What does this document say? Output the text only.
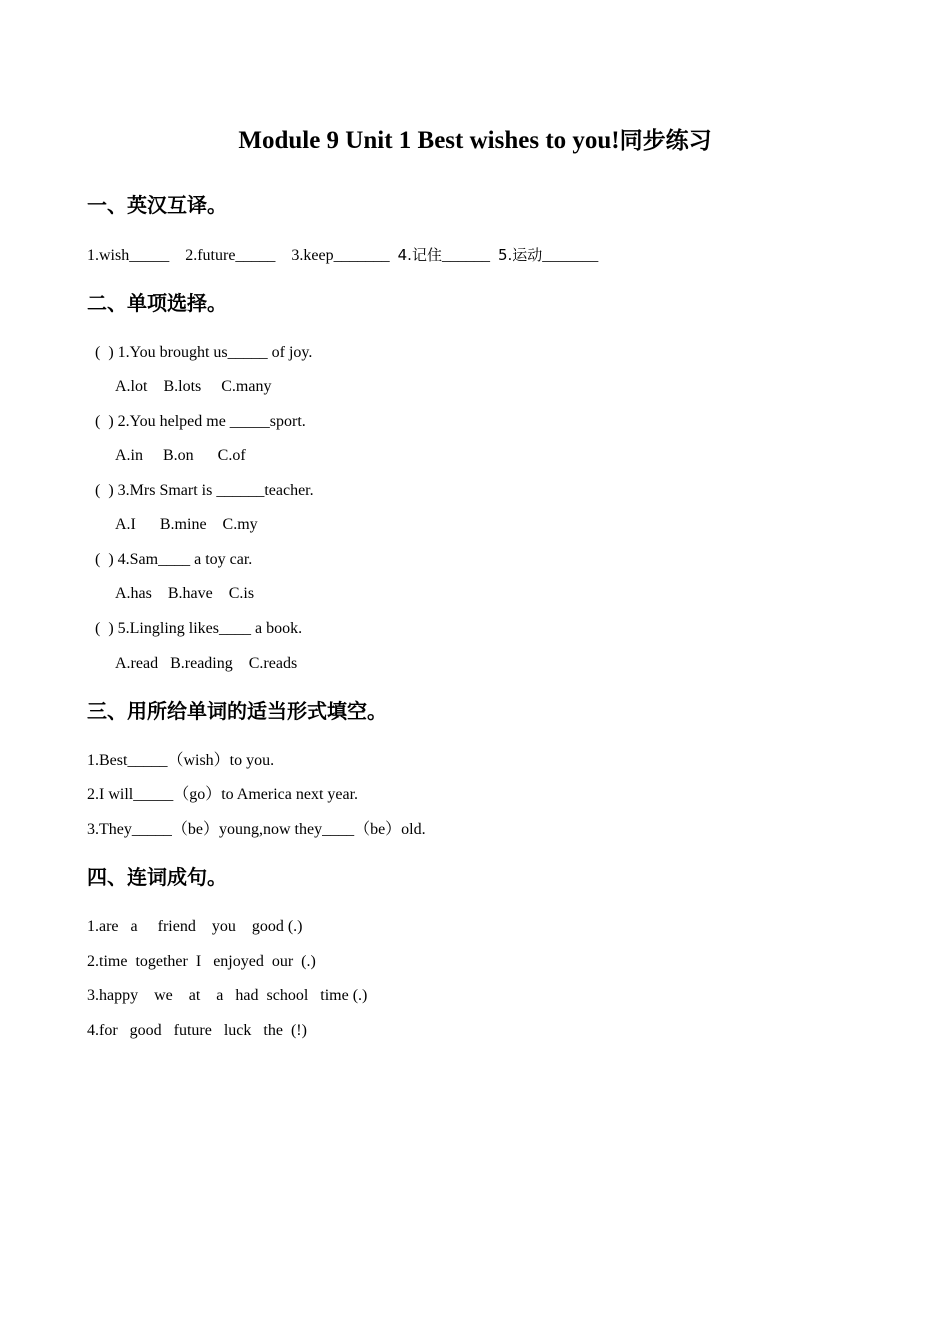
Module 9 Unit 1 Best wishes to you!同步练习
一、英汉互译。
1.wish_____    2.future_____    3.keep_______  4.记住______  5.运动_______
二、单项选择。
(  ) 1.You brought us_____ of joy.
A.lot    B.lots     C.many
(  ) 2.You helped me _____sport.
A.in     B.on      C.of
(  ) 3.Mrs Smart is ______teacher.
A.I      B.mine    C.my
(  ) 4.Sam____ a toy car.
A.has    B.have    C.is
(  ) 5.Lingling likes____ a book.
A.read   B.reading    C.reads
三、用所给单词的适当形式填空。
1.Best_____（wish）to you.
2.I will_____（go）to America next year.
3.They_____（be）young,now they____（be）old.
四、连词成句。
1.are   a     friend    you    good (.)
2.time  together  I   enjoyed  our  (.)
3.happy    we    at    a   had  school   time (.)
4.for   good   future   luck   the  (!)
